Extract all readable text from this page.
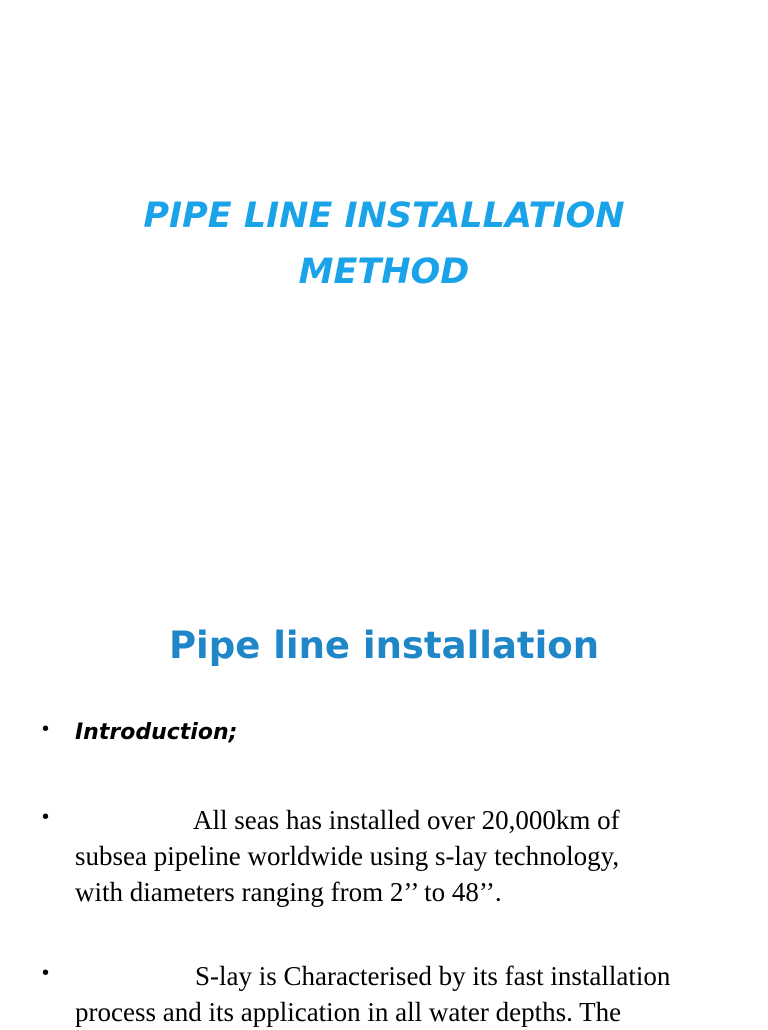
PIPE LINE INSTALLATION
METHOD
Pipe line installation
• Introduction;
•	All seas has installed over 20,000km of
subsea pipeline worldwide using s-lay technology,
with diameters ranging from 2’’ to 48’’.
•	S-lay is Characterised by its fast installation
process and its application in all water depths. The
